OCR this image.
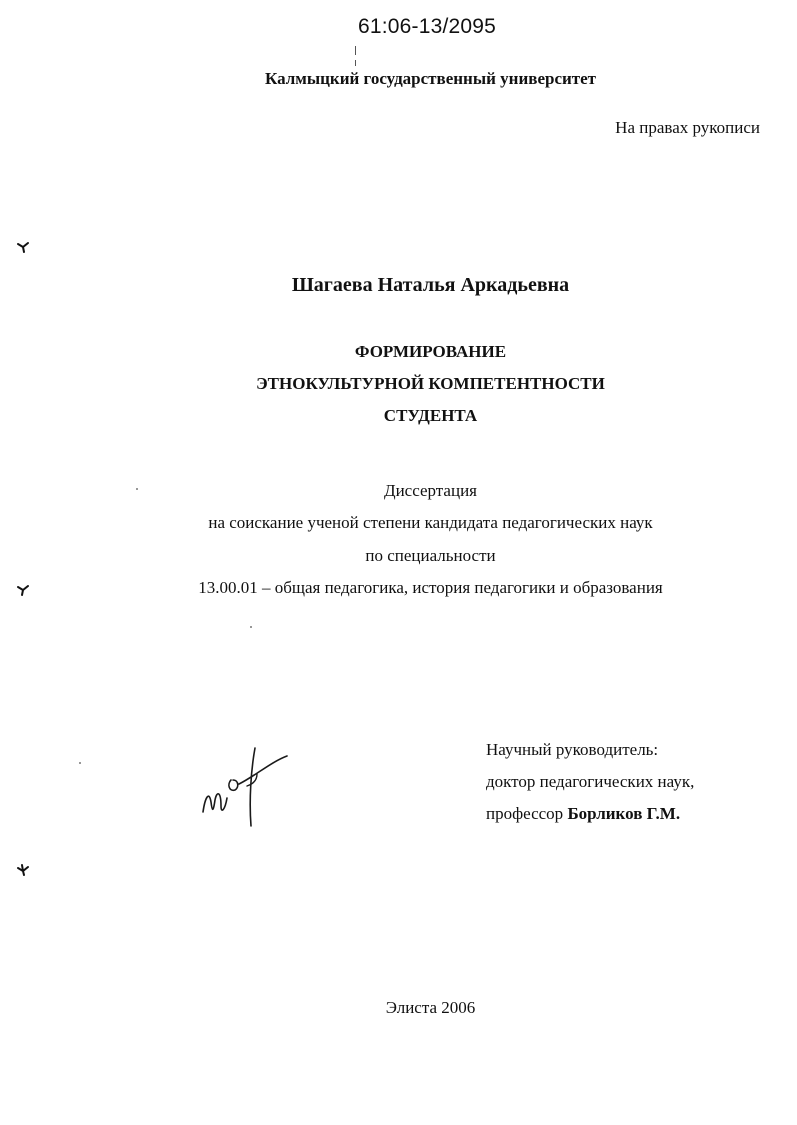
61:06-13/2095
Калмыцкий государственный университет
На правах рукописи
Шагаева Наталья Аркадьевна
ФОРМИРОВАНИЕ
ЭТНОКУЛЬТУРНОЙ КОМПЕТЕНТНОСТИ
СТУДЕНТА
Диссертация
на соискание ученой степени кандидата педагогических наук
по специальности
13.00.01 – общая педагогика, история педагогики и образования
Научный руководитель:
доктор педагогических наук,
профессор Борликов Г.М.
Элиста 2006
